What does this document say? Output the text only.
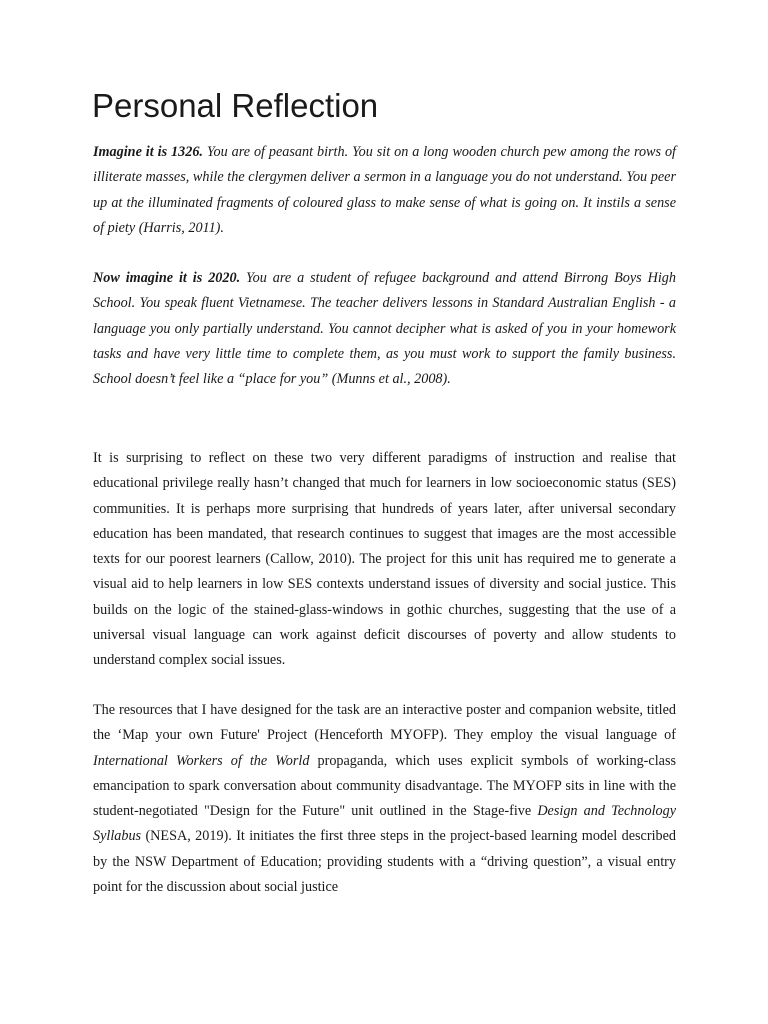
Personal Reflection

Imagine it is 1326. You are of peasant birth. You sit on a long wooden church pew among the rows of illiterate masses, while the clergymen deliver a sermon in a language you do not understand. You peer up at the illuminated fragments of coloured glass to make sense of what is going on. It instils a sense of piety (Harris, 2011).

Now imagine it is 2020. You are a student of refugee background and attend Birrong Boys High School. You speak fluent Vietnamese. The teacher delivers lessons in Standard Australian English - a language you only partially understand. You cannot decipher what is asked of you in your homework tasks and have very little time to complete them, as you must work to support the family business. School doesn’t feel like a “place for you” (Munns et al., 2008).

It is surprising to reflect on these two very different paradigms of instruction and realise that educational privilege really hasn’t changed that much for learners in low socioeconomic status (SES) communities. It is perhaps more surprising that hundreds of years later, after universal secondary education has been mandated, that research continues to suggest that images are the most accessible texts for our poorest learners (Callow, 2010). The project for this unit has required me to generate a visual aid to help learners in low SES contexts understand issues of diversity and social justice. This builds on the logic of the stained-glass-windows in gothic churches, suggesting that the use of a universal visual language can work against deficit discourses of poverty and allow students to understand complex social issues.

The resources that I have designed for the task are an interactive poster and companion website, titled the ‘Map your own Future' Project (Henceforth MYOFP). They employ the visual language of International Workers of the World propaganda, which uses explicit symbols of working-class emancipation to spark conversation about community disadvantage. The MYOFP sits in line with the student-negotiated "Design for the Future" unit outlined in the Stage-five Design and Technology Syllabus (NESA, 2019). It initiates the first three steps in the project-based learning model described by the NSW Department of Education; providing students with a “driving question”, a visual entry point for the discussion about social justice
